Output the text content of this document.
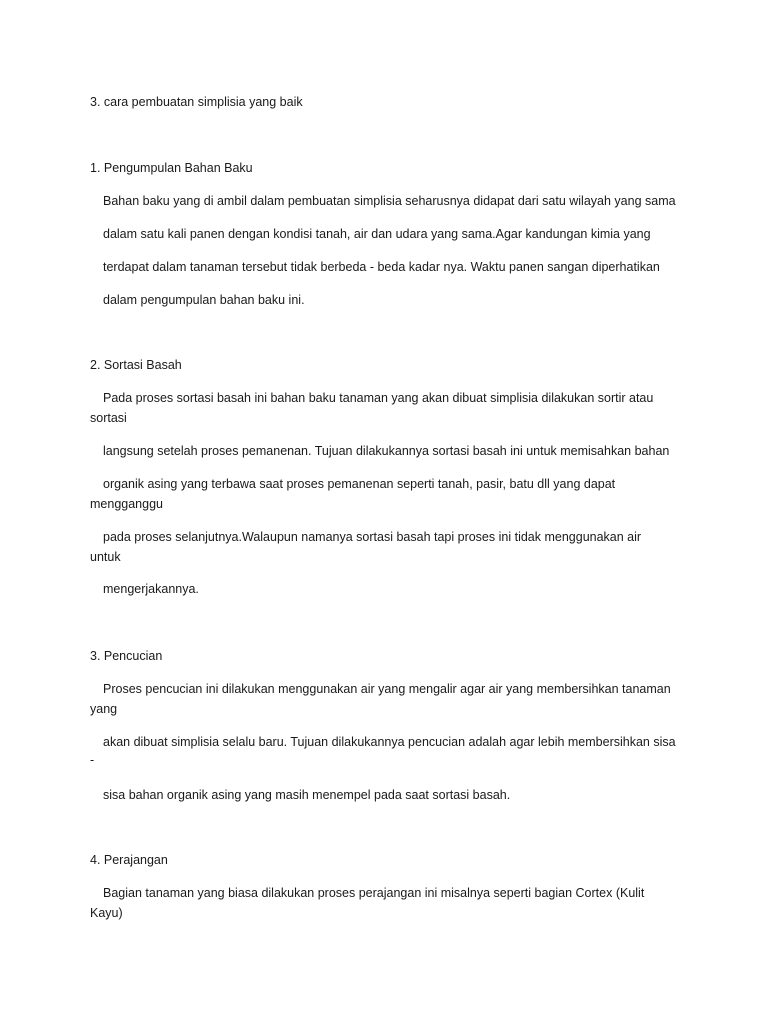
3. cara pembuatan simplisia yang baik
1. Pengumpulan Bahan Baku
Bahan baku yang di ambil dalam pembuatan simplisia seharusnya didapat dari satu wilayah yang sama
dalam satu kali panen dengan kondisi tanah, air dan udara yang sama.Agar kandungan kimia yang
terdapat dalam tanaman tersebut tidak berbeda - beda kadar nya. Waktu panen sangan diperhatikan
dalam pengumpulan bahan baku ini.
2. Sortasi Basah
Pada proses sortasi basah ini bahan baku tanaman yang akan dibuat simplisia dilakukan sortir atau
sortasi
langsung setelah proses pemanenan. Tujuan dilakukannya sortasi basah ini untuk memisahkan bahan
organik asing yang terbawa saat proses pemanenan seperti tanah, pasir, batu dll yang dapat
mengganggu
pada proses selanjutnya.Walaupun namanya sortasi basah tapi proses ini tidak menggunakan air
untuk
mengerjakannya.
3. Pencucian
Proses pencucian ini dilakukan menggunakan air yang mengalir agar air yang membersihkan tanaman
yang
akan dibuat simplisia selalu baru. Tujuan dilakukannya pencucian adalah agar lebih membersihkan sisa
-
sisa bahan organik asing yang masih menempel pada saat sortasi basah.
4. Perajangan
Bagian tanaman yang biasa dilakukan proses perajangan ini misalnya seperti bagian Cortex (Kulit
Kayu)
